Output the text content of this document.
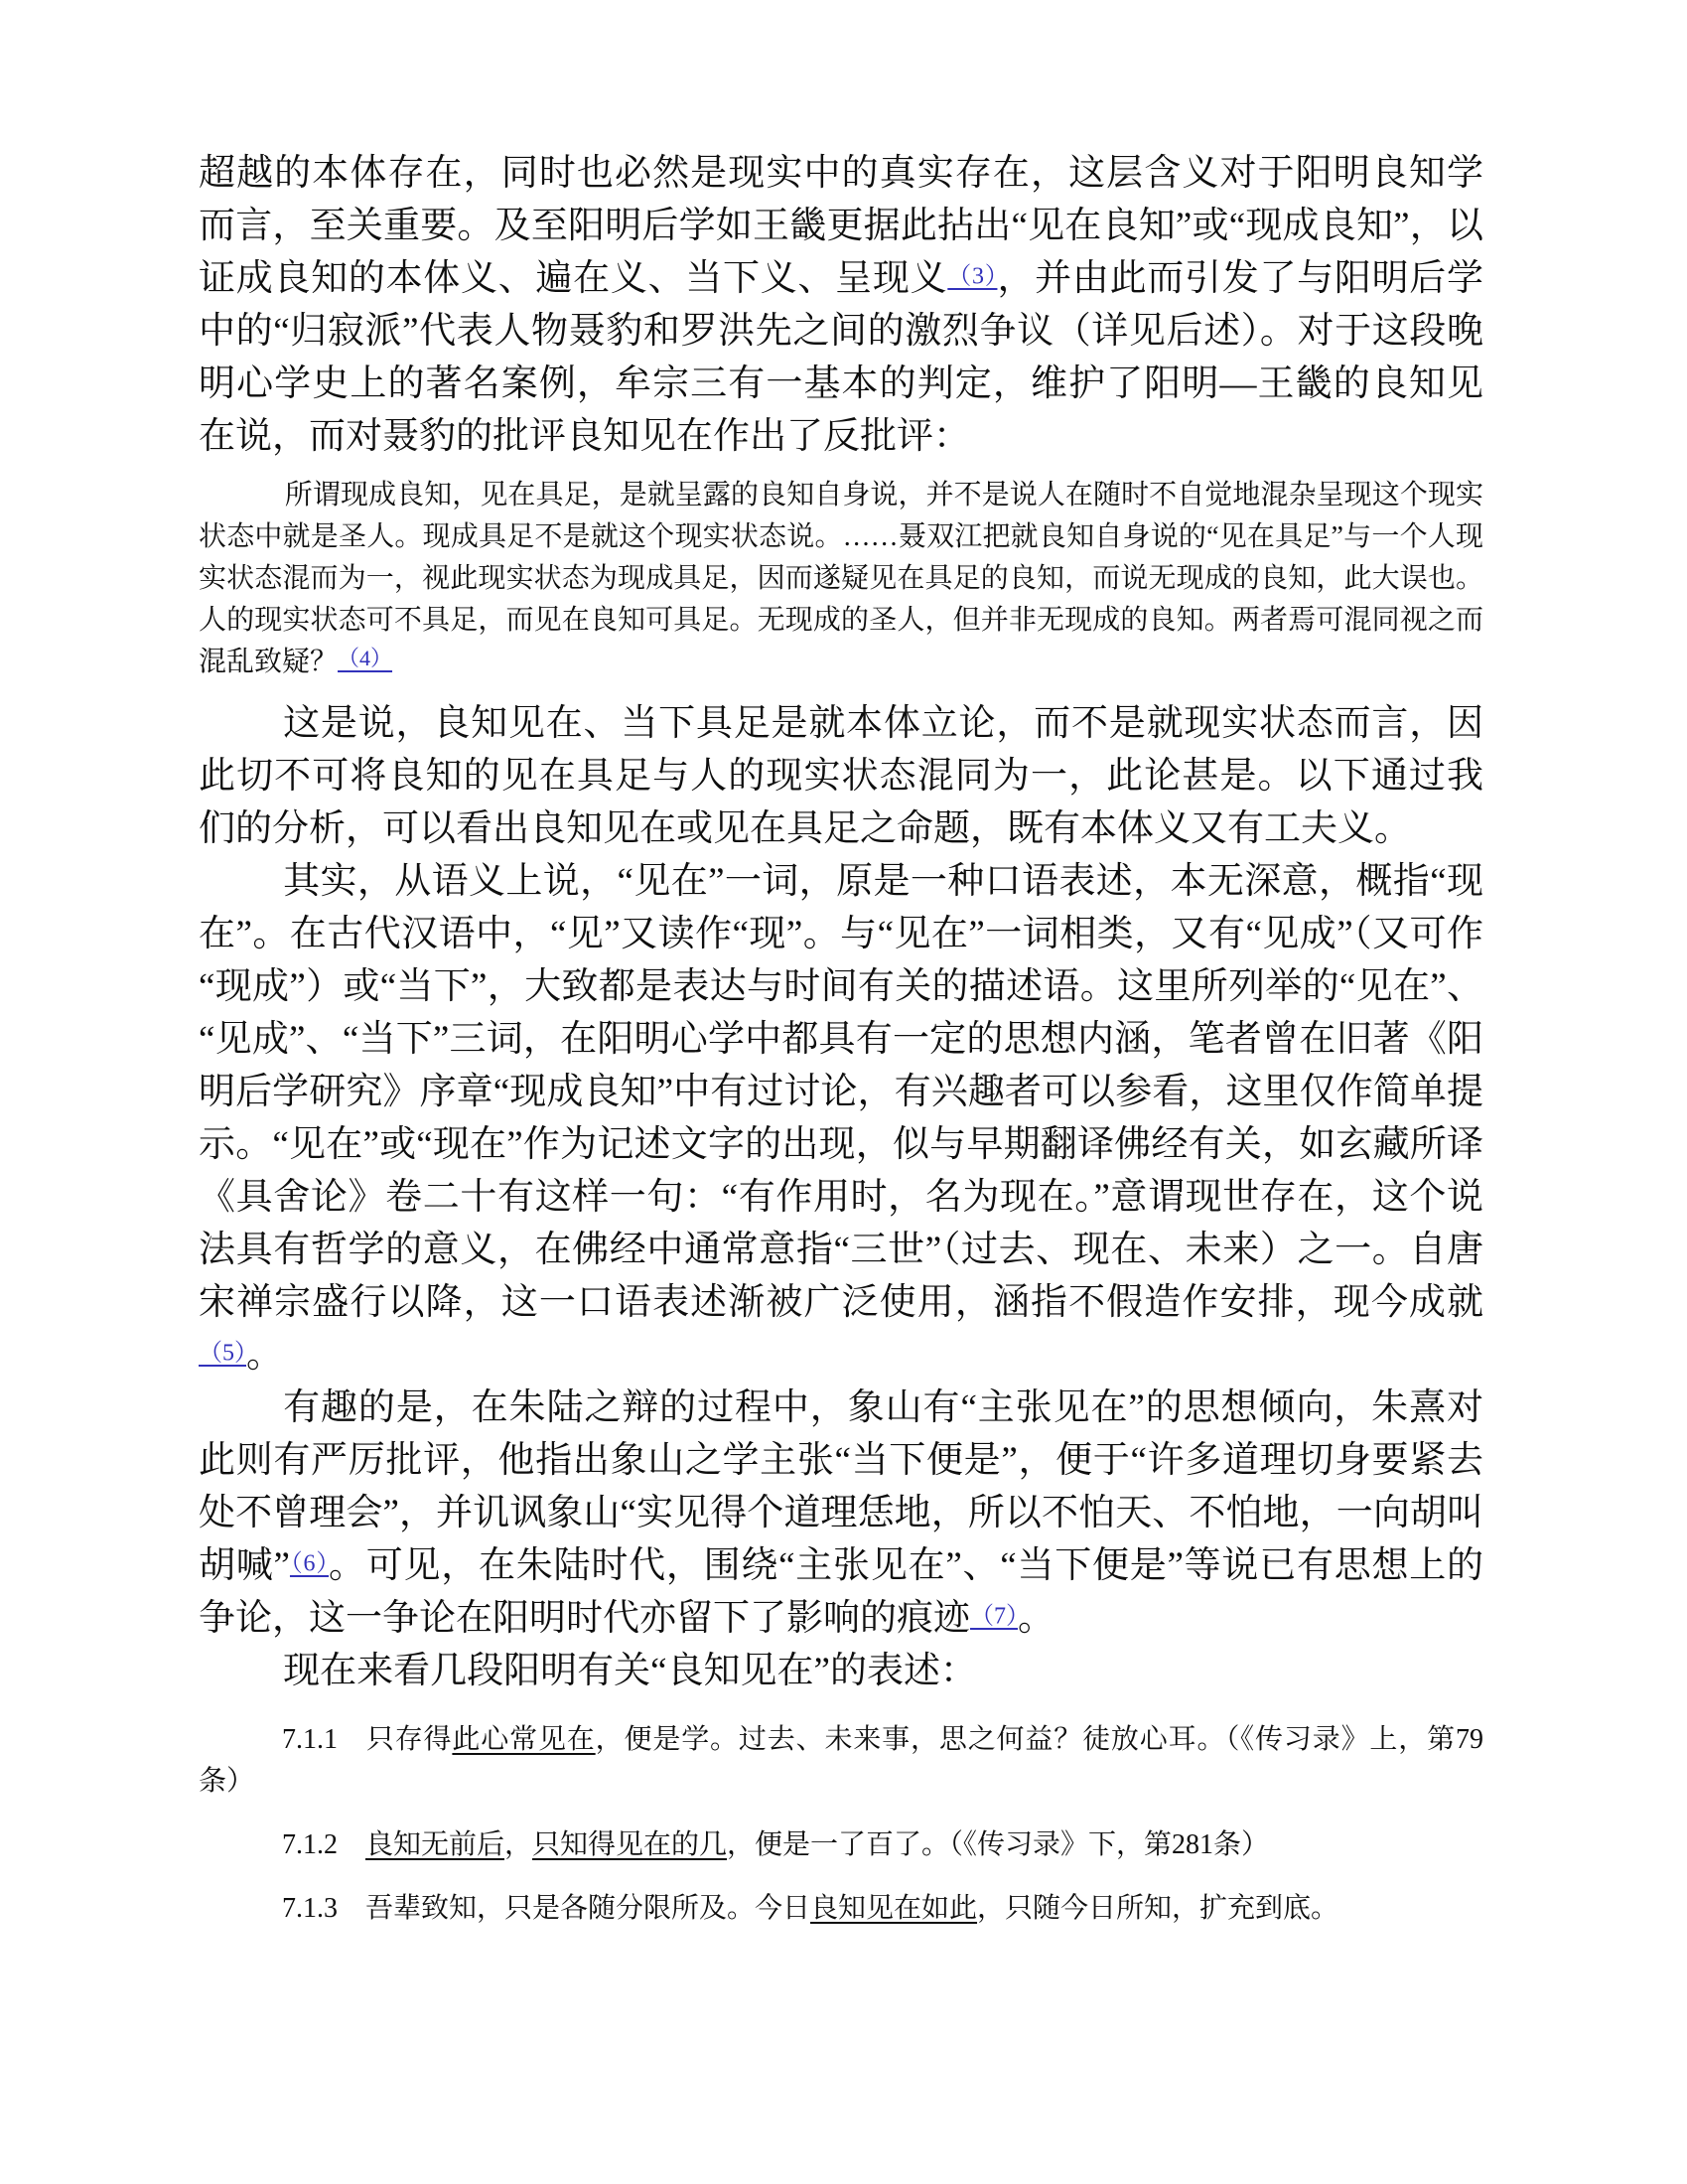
超越的本体存在，同时也必然是现实中的真实存在，这层含义对于阳明良知学而言，至关重要。及至阳明后学如王畿更据此拈出“见在良知”或“现成良知”，以证成良知的本体义、遍在义、当下义、呈现义（3），并由此而引发了与阳明后学中的“归寂派”代表人物聂豹和罗洪先之间的激烈争议（详见后述）。对于这段晚明心学史上的著名案例，牟宗三有一基本的判定，维护了阳明—王畿的良知见在说，而对聂豹的批评良知见在作出了反批评：

所谓现成良知，见在具足，是就呈露的良知自身说，并不是说人在随时不自觉地混杂呈现这个现实状态中就是圣人。现成具足不是就这个现实状态说。……聂双江把就良知自身说的“见在具足”与一个人现实状态混而为一，视此现实状态为现成具足，因而遂疑见在具足的良知，而说无现成的良知，此大误也。人的现实状态可不具足，而见在良知可具足。无现成的圣人，但并非无现成的良知。两者焉可混同视之而混乱致疑？（4）

这是说，良知见在、当下具足是就本体立论，而不是就现实状态而言，因此切不可将良知的见在具足与人的现实状态混同为一，此论甚是。以下通过我们的分析，可以看出良知见在或见在具足之命题，既有本体义又有工夫义。

其实，从语义上说，“见在”一词，原是一种口语表述，本无深意，概指“现在”。在古代汉语中，“见”又读作“现”。与“见在”一词相类，又有“见成”（又可作“现成”）或“当下”，大致都是表达与时间有关的描述语。这里所列举的“见在”、“见成”、“当下”三词，在阳明心学中都具有一定的思想内涵，笔者曾在旧著《阳明后学研究》序章“现成良知”中有过讨论，有兴趣者可以参看，这里仅作简单提示。“见在”或“现在”作为记述文字的出现，似与早期翻译佛经有关，如玄藏所译《具舍论》卷二十有这样一句：“有作用时，名为现在。”意谓现世存在，这个说法具有哲学的意义，在佛经中通常意指“三世”（过去、现在、未来）之一。自唐宋禅宗盛行以降，这一口语表述渐被广泛使用，涵指不假造作安排，现今成就（5）。

有趣的是，在朱陆之辩的过程中，象山有“主张见在”的思想倾向，朱熹对此则有严厉批评，他指出象山之学主张“当下便是”，便于“许多道理切身要紧去处不曾理会”，并讥讽象山“实见得个道理恁地，所以不怕天、不怕地，一向胡叫胡喊”（6）。可见，在朱陆时代，围绕“主张见在”、“当下便是”等说已有思想上的争论，这一争论在阳明时代亦留下了影响的痕迹（7）。

现在来看几段阳明有关“良知见在”的表述：

7.1.1 只存得此心常见在，便是学。过去、未来事，思之何益？徒放心耳。（《传习录》上，第79条）

7.1.2 良知无前后，只知得见在的几，便是一了百了。（《传习录》下，第281条）

7.1.3 吾辈致知，只是各随分限所及。今日良知见在如此，只随今日所知，扩充到底。
